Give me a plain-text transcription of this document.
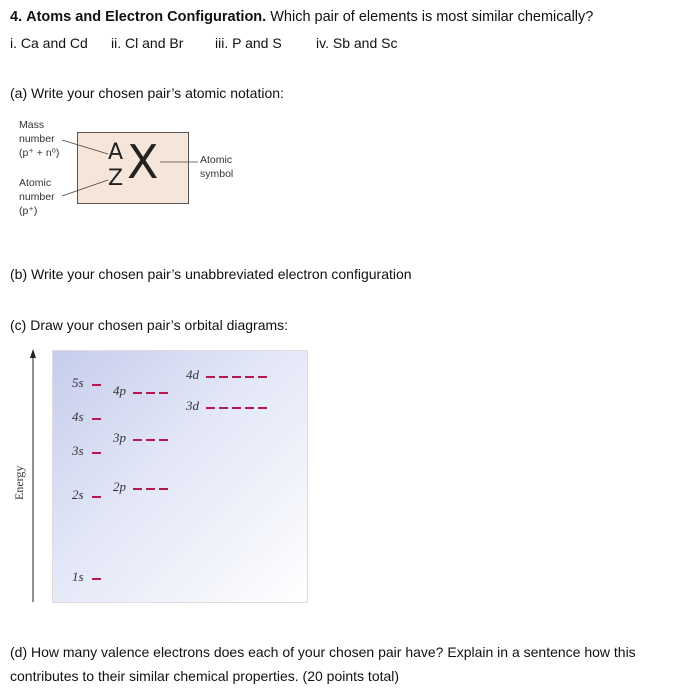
4. Atoms and Electron Configuration. Which pair of elements is most similar chemically?
i. Ca and Cd ii. Cl and Br iii. P and S iv. Sb and Sc
(a) Write your chosen pair’s atomic notation:
Mass
number
(p⁺ + n⁰)
Atomic
number
(p⁺)
Atomic
symbol
A
Z X
(b) Write your chosen pair’s unabbreviated electron configuration
(c) Draw your chosen pair’s orbital diagrams:
Energy
1s
2s
2p
3s
3p
4s
3d
4p
5s
4d
(d) How many valence electrons does each of your chosen pair have? Explain in a sentence how this
contributes to their similar chemical properties. (20 points total)
